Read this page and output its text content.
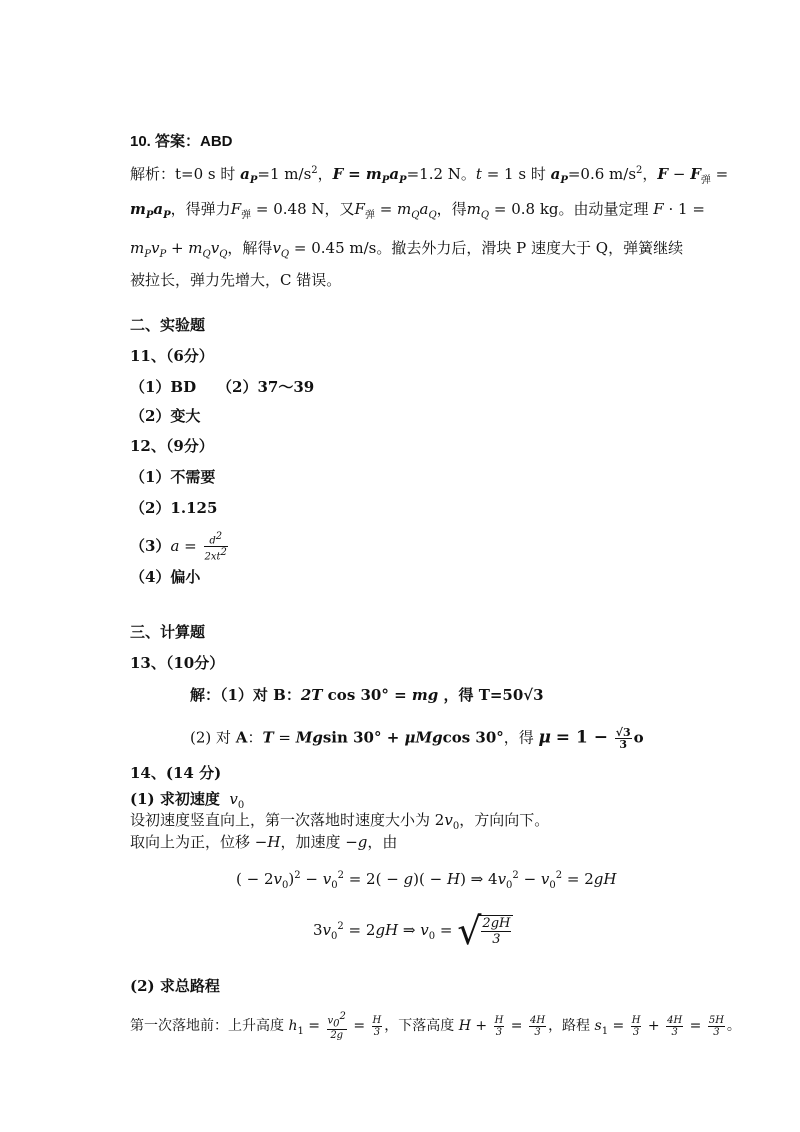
10. 答案：ABD
解析：t=0 s 时 $a_P=1$ $m/s^2$，$F = m_Pa_P=1.2$ N。t = 1 s 时 $a_P=0.6$ $m/s^2$，$F - F_弹$ =
$m_Pa_P$，得弹力$F_弹 = 0.48$ N，又$F_弹 = m_Qa_Q$，得$m_Q = 0.8$ kg。由动量定理 F · 1 =
$m_Pv_P + m_Qv_Q$，解得$v_Q = 0.45$ m/s。撤去外力后，滑块 P 速度大于 Q，弹簧继续
被拉长，弹力先增大，C 错误。
二、实验题
11、（6分）
（1）BD    （2）37～39
（2）变大
12、（9分）
（1）不需要
（2）1.125
$(3)a = \frac{d^2}{2xt^2}$
（4）偏小
三、计算题
13、（10分）
解：（1）对 B：2T cos 30° = mg ，得 T=50√3
(2) 对 A：T = Mgsin 30° + μMgcos 30°，得 $\mu = 1 - \frac{√3}{3}$ o
14、(14 分)
(1) 求初速度 $v_0$
设初速度竖直向上，第一次落地时速度大小为 $2v_0$，方向向下。
取向上为正，位移 −H，加速度 −g，由
( − $2v_0)^2 - v_0^2 = 2( - g)( - H)$ ⇒ $4v_0^2 - v_0^2 = 2gH$
$3v_0^2 = 2gH$ ⇒ $v_0$ = √ $\frac{2gH}{3}$
(2) 求总路程
第一次落地前：上升高度 $h_1 = \frac{v_0^2}{2g} = \frac{H}{3}$ ，下落高度 $H + \frac{H}{3} = \frac{4H}{3}$ ，路程 $s_1 = \frac{H}{3} + \frac{4H}{3} = \frac{5H}{3}$ 。
